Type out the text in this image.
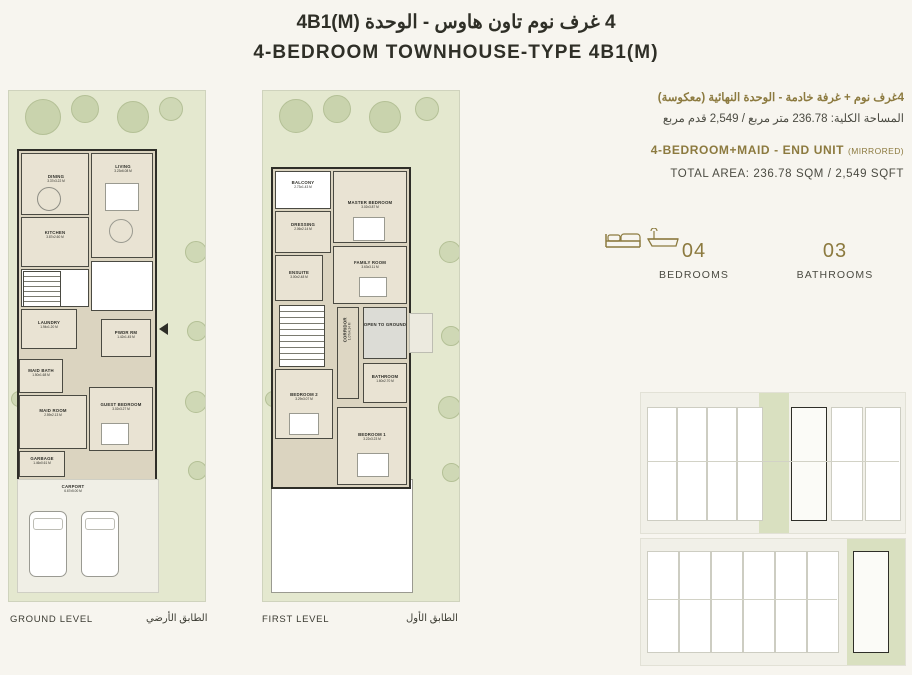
4 غرف نوم تاون هاوس - الوحدة (M)4B1
4-BEDROOM TOWNHOUSE-TYPE 4B1(M)
DINING
3.37x3.22 M
LIVING
3.23x6.08 M
KITCHEN
3.87x2.60 M
LAUNDRY
1.94x1.20 M
PWDR RM
1.42x1.45 M
MAID BATH
1.50x1.68 M
MAID ROOM
2.59x2.13 M
GUEST BEDROOM
3.02x3.27 M
GARBAGE
1.46x0.61 M
CARPORT
6.67x5.00 M
BALCONY
2.73x1.43 M
MASTER BEDROOM
3.02x3.87 M
DRESSING
2.06x2.14 M
ENSUITE
3.00x2.48 M
FAMILY ROOM
3.63x3.11 M
CORRIDOR 1.07x4.14 M	OPEN TO GROUND
BATHROOM
1.60x2.70 M
BEDROOM 2
3.29x3.07 M
BEDROOM 1
3.22x3.23 M
GROUND LEVEL	الطابق الأرضي	FIRST LEVEL	الطابق الأول
4غرف نوم + غرفة خادمة - الوحدة النهائية (معكوسة)
المساحة الكلية: 236.78 متر مربع / 2,549 قدم مربع
4-BEDROOM+MAID - END UNIT (MIRRORED)
TOTAL AREA: 236.78 SQM / 2,549 SQFT
04
BEDROOMS

03
BATHROOMS
